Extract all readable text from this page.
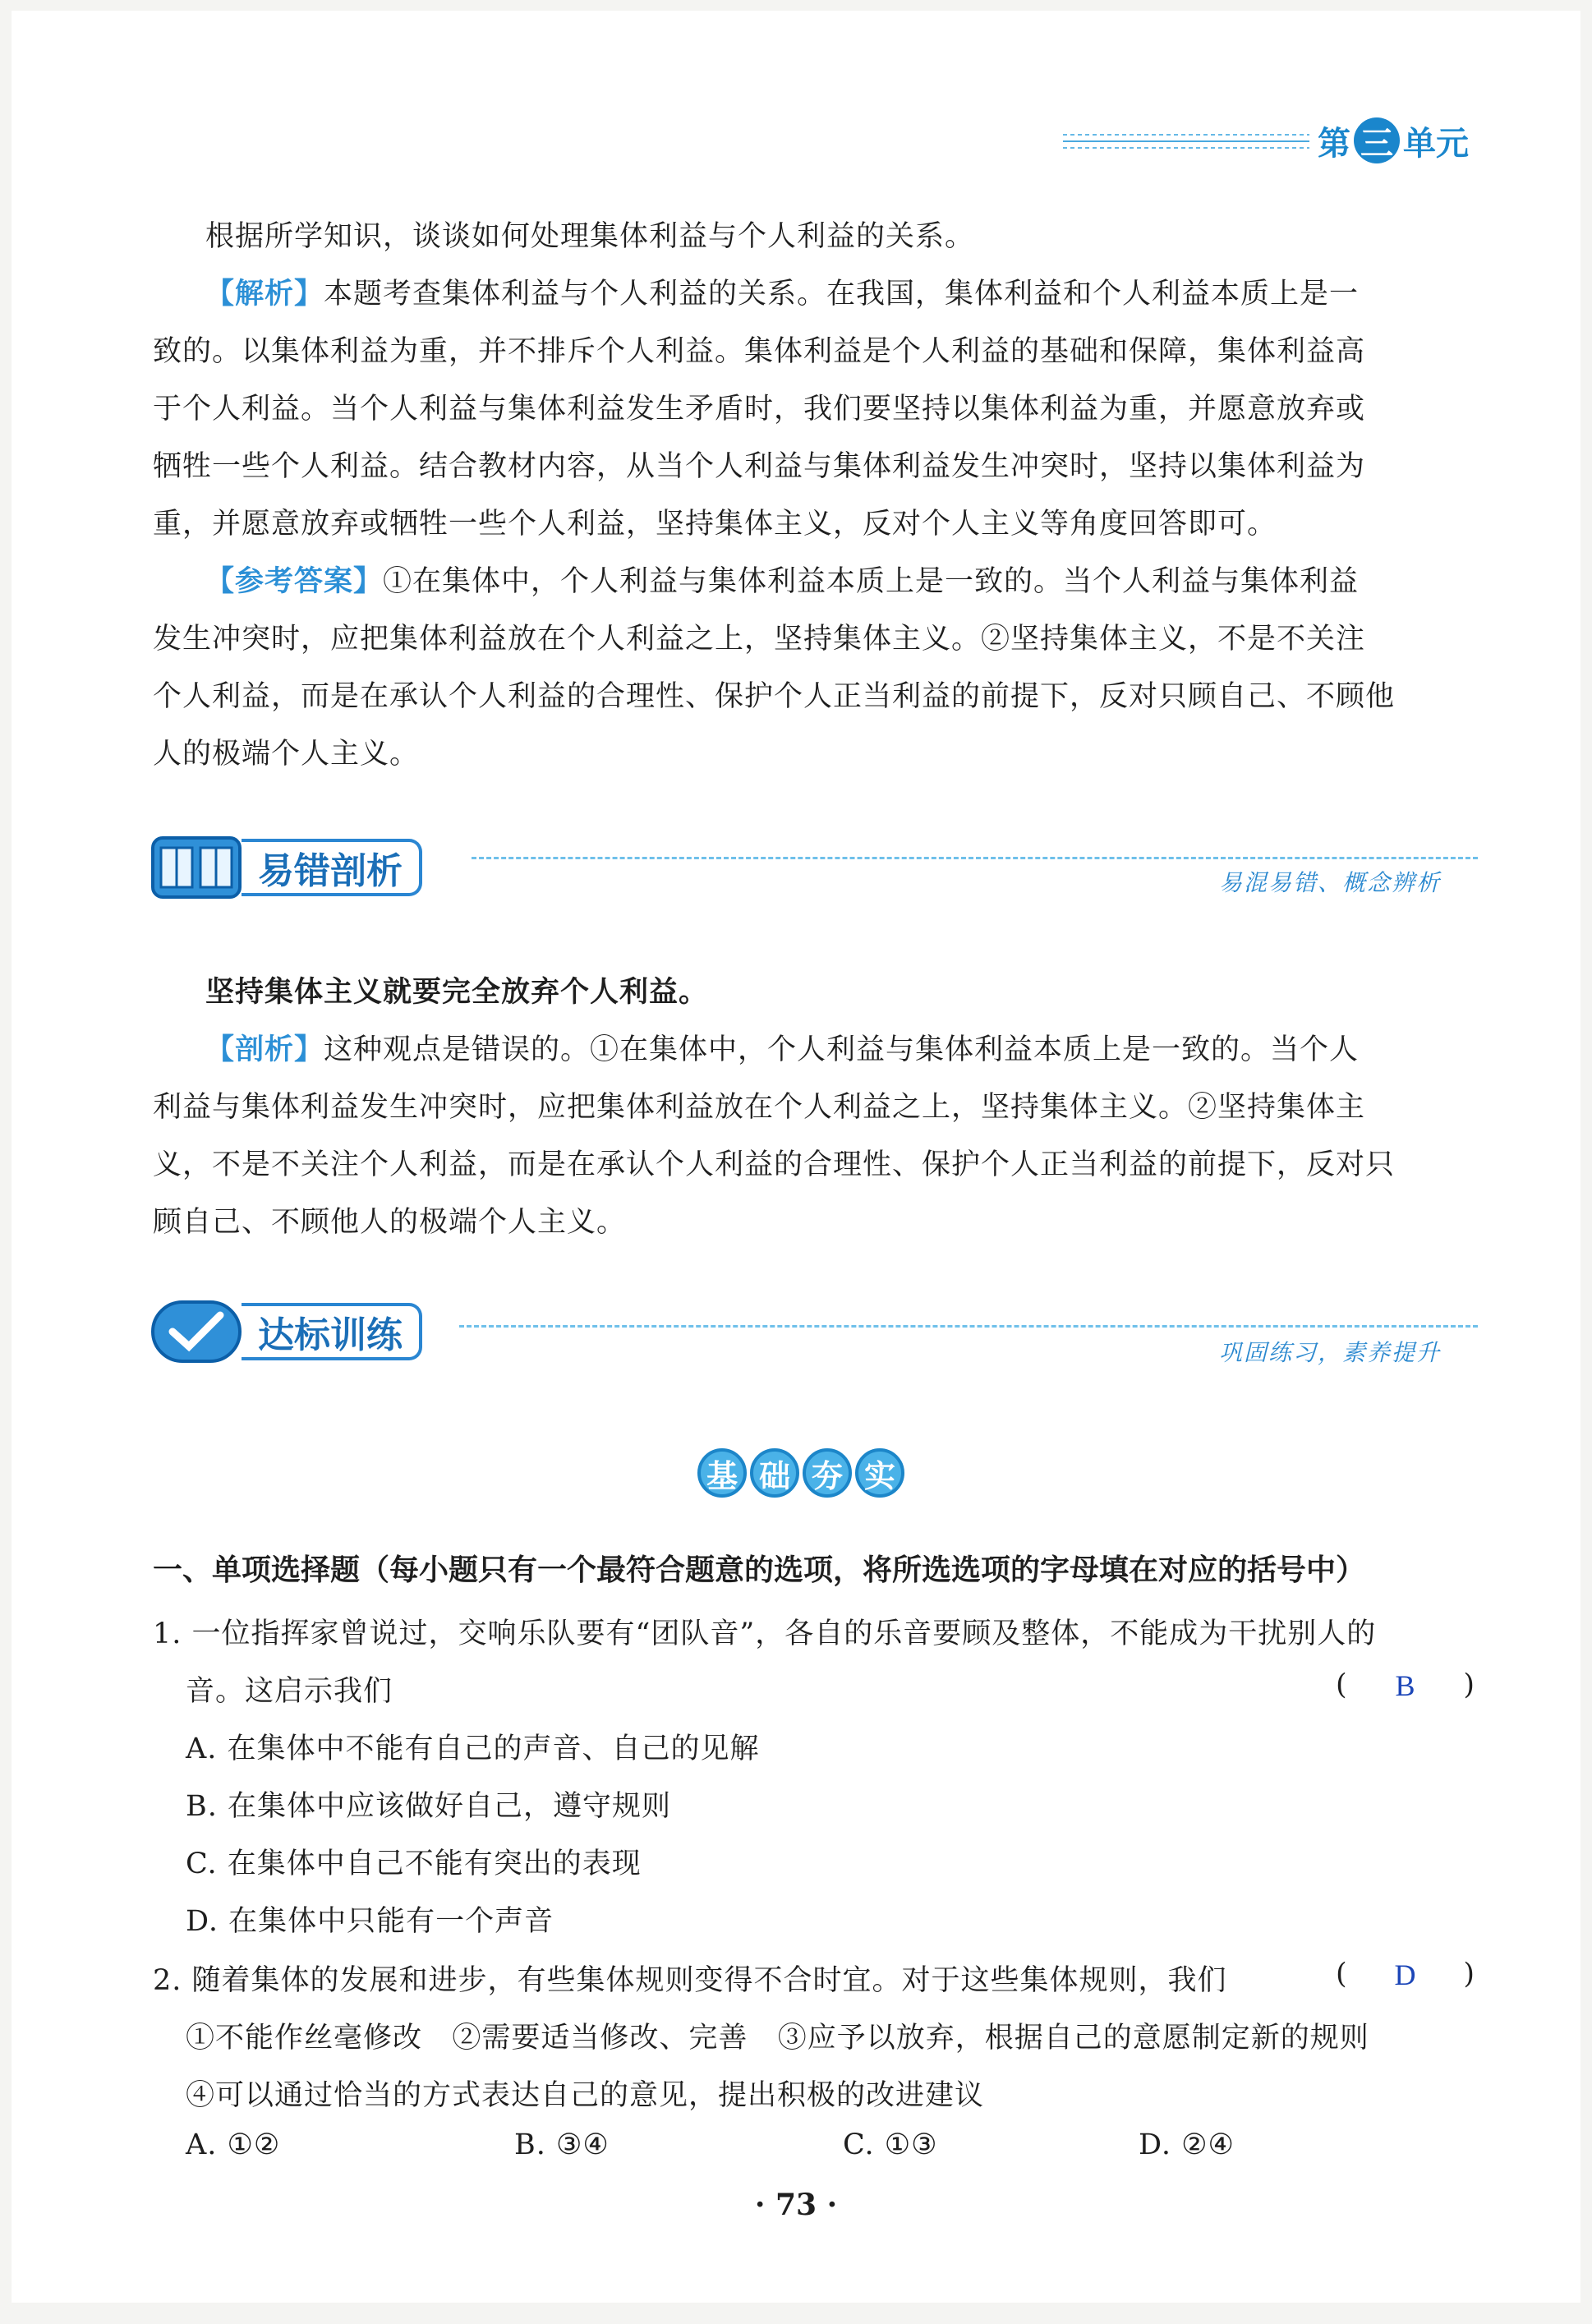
第 三 单元

根据所学知识，谈谈如何处理集体利益与个人利益的关系。

【解析】本题考查集体利益与个人利益的关系。在我国，集体利益和个人利益本质上是一

致的。以集体利益为重，并不排斥个人利益。集体利益是个人利益的基础和保障，集体利益高

于个人利益。当个人利益与集体利益发生矛盾时，我们要坚持以集体利益为重，并愿意放弃或

牺牲一些个人利益。结合教材内容，从当个人利益与集体利益发生冲突时，坚持以集体利益为

重，并愿意放弃或牺牲一些个人利益，坚持集体主义，反对个人主义等角度回答即可。

【参考答案】①在集体中，个人利益与集体利益本质上是一致的。当个人利益与集体利益

发生冲突时，应把集体利益放在个人利益之上，坚持集体主义。②坚持集体主义，不是不关注

个人利益，而是在承认个人利益的合理性、保护个人正当利益的前提下，反对只顾自己、不顾他

人的极端个人主义。

易错剖析	易混易错、概念辨析

坚持集体主义就要完全放弃个人利益。

【剖析】这种观点是错误的。①在集体中，个人利益与集体利益本质上是一致的。当个人

利益与集体利益发生冲突时，应把集体利益放在个人利益之上，坚持集体主义。②坚持集体主

义，不是不关注个人利益，而是在承认个人利益的合理性、保护个人正当利益的前提下，反对只

顾自己、不顾他人的极端个人主义。

达标训练	巩固练习，素养提升
基 础 夯 实
一、单项选择题（每小题只有一个最符合题意的选项，将所选选项的字母填在对应的括号中）
1. 一位指挥家曾说过，交响乐队要有“团队音”，各自的乐音要顾及整体，不能成为干扰别人的
音。这启示我们	( B )
A. 在集体中不能有自己的声音、自己的见解
B. 在集体中应该做好自己，遵守规则
C. 在集体中自己不能有突出的表现
D. 在集体中只能有一个声音
2. 随着集体的发展和进步，有些集体规则变得不合时宜。对于这些集体规则，我们	( D )
①不能作丝毫修改   ②需要适当修改、完善   ③应予以放弃，根据自己的意愿制定新的规则
④可以通过恰当的方式表达自己的意见，提出积极的改进建议
A. ①②	B. ③④	C. ①③	D. ②④
· 73 ·
